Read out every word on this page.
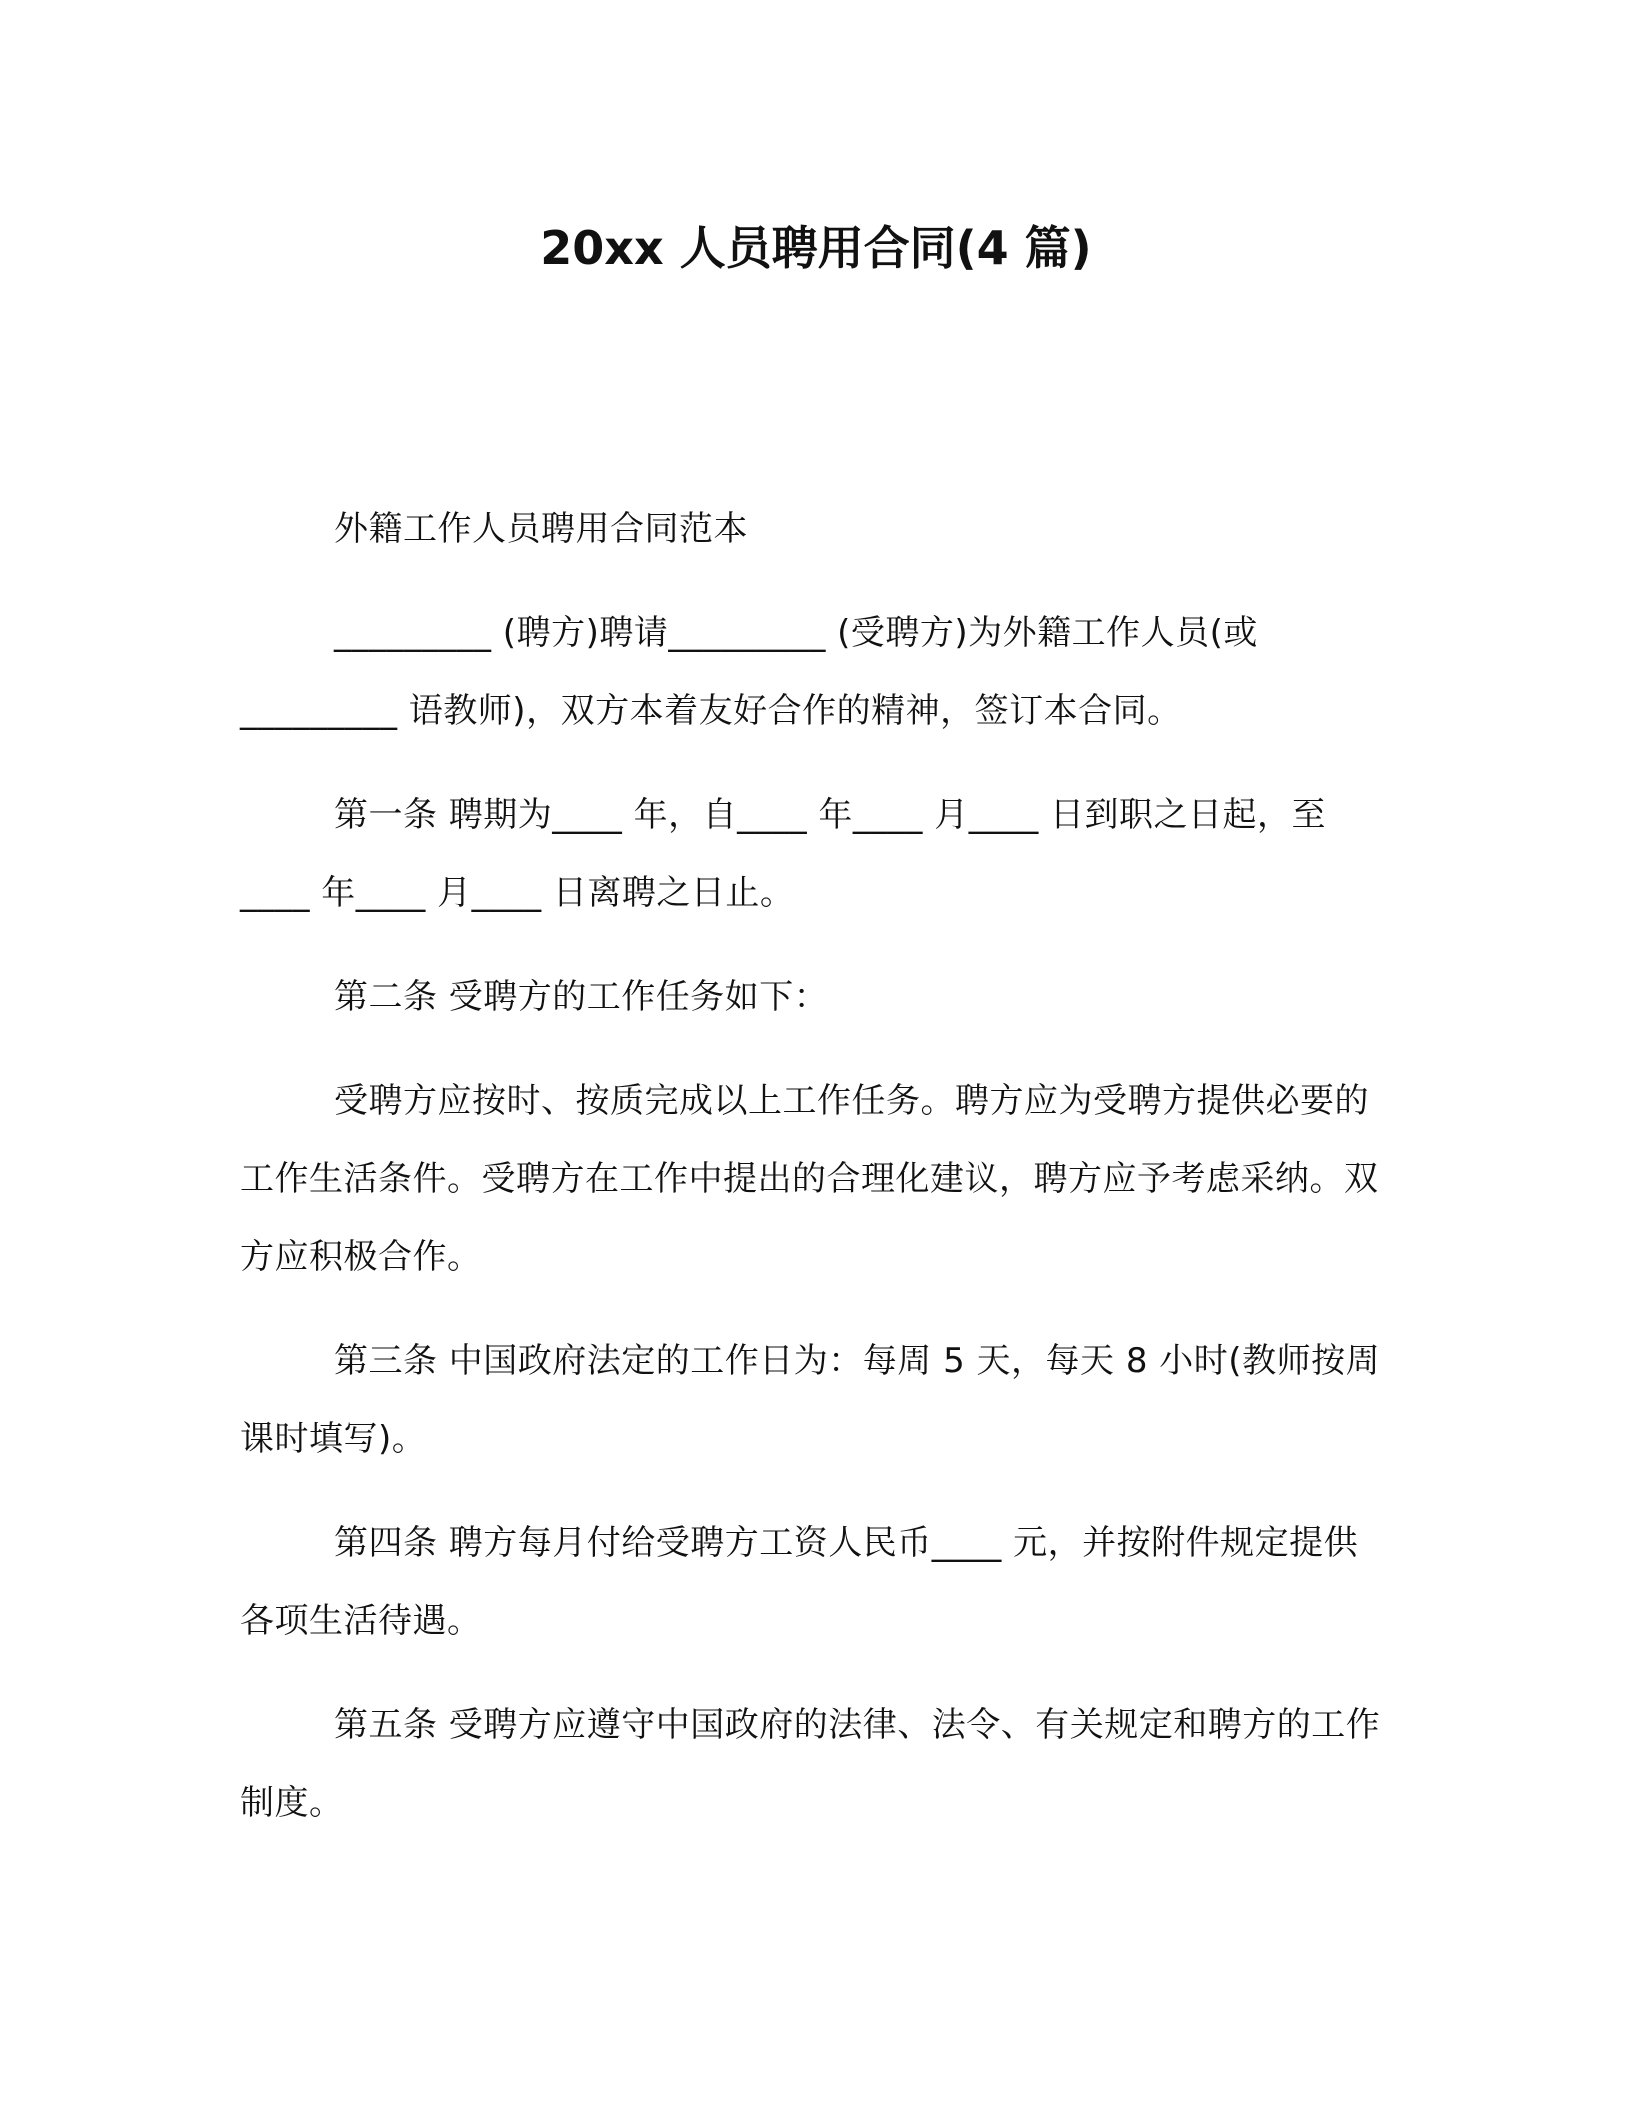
20xx 人员聘用合同(4 篇)

外籍工作人员聘用合同范本

_________ (聘方)聘请_________ (受聘方)为外籍工作人员(或_________ 语教师)，双方本着友好合作的精神，签订本合同。

第一条 聘期为____ 年，自____ 年____ 月____ 日到职之日起，至____ 年____ 月____ 日离聘之日止。

第二条 受聘方的工作任务如下：

受聘方应按时、按质完成以上工作任务。聘方应为受聘方提供必要的工作生活条件。受聘方在工作中提出的合理化建议，聘方应予考虑采纳。双方应积极合作。

第三条 中国政府法定的工作日为：每周 5 天，每天 8 小时(教师按周课时填写)。

第四条 聘方每月付给受聘方工资人民币____ 元，并按附件规定提供各项生活待遇。

第五条 受聘方应遵守中国政府的法律、法令、有关规定和聘方的工作制度。
